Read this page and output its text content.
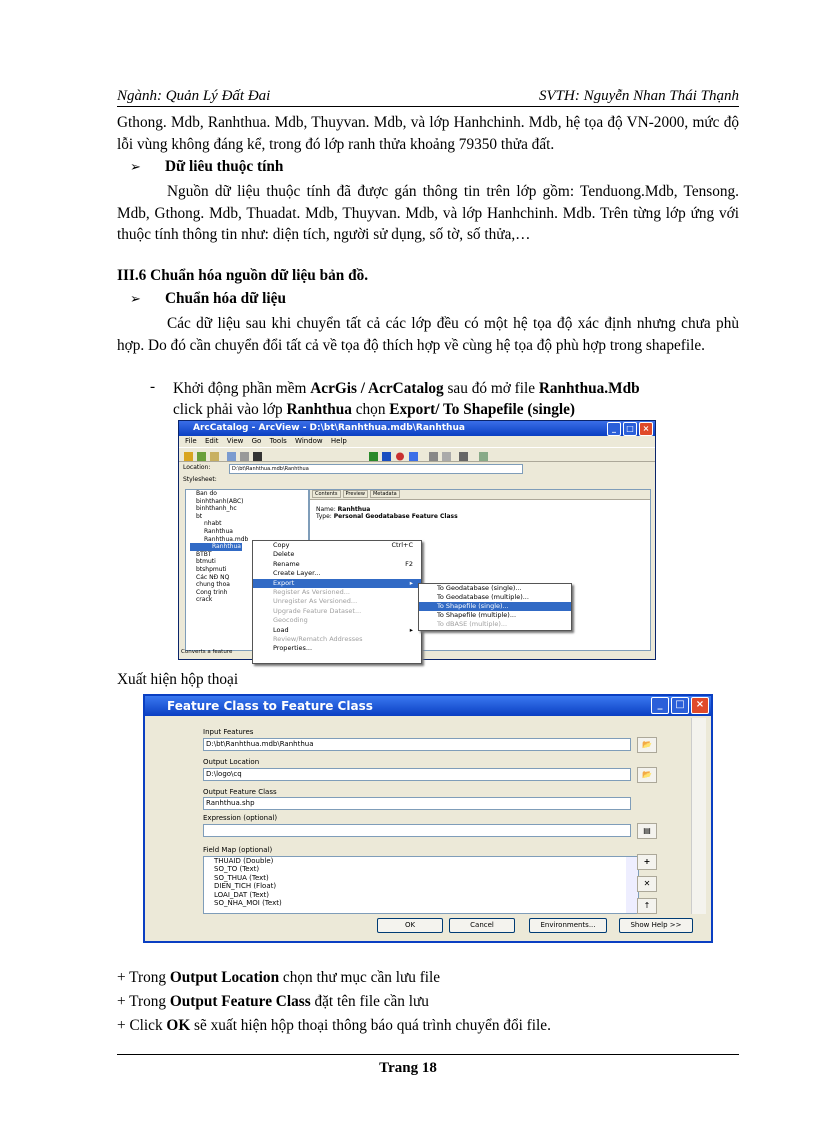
Ngành: Quản Lý Đất Đai	SVTH: Nguyễn Nhan Thái Thạnh
Gthong. Mdb, Ranhthua. Mdb, Thuyvan. Mdb, và lớp Hanhchinh. Mdb, hệ tọa độ VN-2000, mức độ lỗi vùng không đáng kể, trong đó lớp ranh thửa khoảng 79350 thửa đất.
➢ Dữ liêu thuộc tính
Nguồn dữ liệu thuộc tính đã được gán thông tin trên lớp gồm: Tenduong.Mdb, Tensong. Mdb, Gthong. Mdb, Thuadat. Mdb, Thuyvan. Mdb, và lớp Hanhchinh. Mdb. Trên từng lớp ứng với thuộc tính thông tin như: diện tích, người sử dụng, số tờ, số thửa,…
III.6 Chuẩn hóa nguồn dữ liệu bản đồ.
➢ Chuẩn hóa dữ liệu
Các dữ liệu sau khi chuyển tất cả các lớp đều có một hệ tọa độ xác định nhưng chưa phù hợp. Do đó cần chuyển đổi tất cả về tọa độ thích hợp về cùng hệ tọa độ phù hợp trong shapefile.
- Khởi động phần mềm AcrGis / AcrCatalog sau đó mở file Ranhthua.Mdb
click phải vào lớp Ranhthua chọn Export/ To Shapefile (single)
ArcCatalog - ArcView - D:\bt\Ranhthua.mdb\Ranhthua	_	□	×
File Edit View Go Tools Window Help
Location:	D:\bt\Ranhthua.mdb\Ranhthua
Stylesheet:
Ban do
binhthanh(ABC)
binhthanh_hc
bt
nhabt
Ranhthua
Ranhthua.mdb
Ranhthua
BTBT
btmuti
btshpmuti
Các NĐ NQ
chung thoa
Cong trinh
crack
Contents Preview Metadata
Name: Ranhthua
Type: Personal Geodatabase Feature Class
Converts a feature
Copy	Ctrl+C
Delete
Rename	F2
Create Layer...
Export	▸
Register As Versioned...
Unregister As Versioned...
Upgrade Feature Dataset...
Geocoding
Load	▸
Review/Rematch Addresses
Properties...
To Geodatabase (single)...
To Geodatabase (multiple)...
To Shapefile (single)...
To Shapefile (multiple)...
To dBASE (multiple)...
Xuất hiện hộp thoại
Feature Class to Feature Class	_	□	×
Input Features
D:\bt\Ranhthua.mdb\Ranhthua	📂
Output Location
D:\logo\cq	📂
Output Feature Class
Ranhthua.shp
Expression (optional)
▤
Field Map (optional)
THUAID (Double)
SO_TO (Text)
SO_THUA (Text)
DIEN_TICH (Float)
LOAI_DAT (Text)
SO_NHA_MOI (Text)
+
✕
↑
OK	Cancel	Environments...	Show Help >>
+ Trong Output Location chọn thư mục cần lưu file
+ Trong Output Feature Class đặt tên file cần lưu
+ Click OK sẽ xuất hiện hộp thoại thông báo quá trình chuyển đổi file.
Trang 18
